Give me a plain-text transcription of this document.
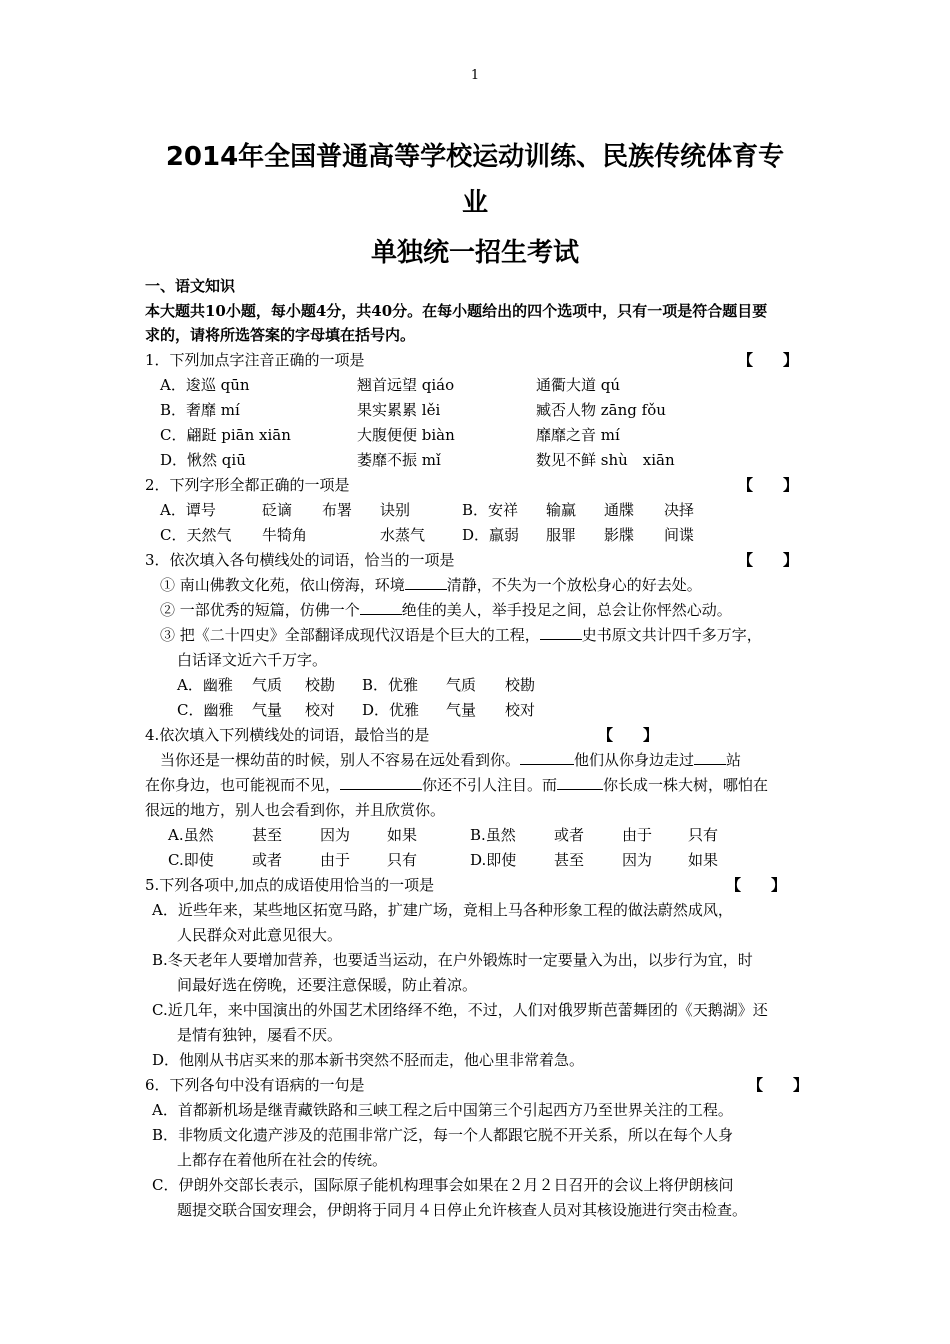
1
2014年全国普通高等学校运动训练、民族传统体育专
业
单独统一招生考试
一、语文知识
本大题共10小题，每小题4分，共40分。在每小题给出的四个选项中，只有一项是符合题目要
求的，请将所选答案的字母填在括号内。
1．下列加点字注音正确的一项是	【　　】
A．逡巡 qūn	翘首远望 qiáo	通衢大道 qú
B．奢靡 mí	果实累累 lěi	臧否人物 zāng fǒu
C．翩跹 piān xiān	大腹便便 biàn	靡靡之音 mí
D．愀然 qiū	萎靡不振 mǐ	数见不鲜 shù　xiān
2．下列字形全都正确的一项是	【　　】
A．谭号	砭谪 布署 诀别	B．安祥 输赢 通牒 决择
C．天然气 牛犄角	水蒸气 D．羸弱 服罪 影牒 间谍
3．依次填入各句横线处的词语，恰当的一项是	【　　】
① 南山佛教文化苑，依山傍海，环境	清静，不失为一个放松身心的好去处。
② 一部优秀的短篇，仿佛一个	绝佳的美人，举手投足之间，总会让你怦然心动。
③ 把《二十四史》全部翻译成现代汉语是个巨大的工程，	史书原文共计四千多万字，
白话译文近六千万字。
A．幽雅 气质 校勘 B．优雅 气质 校勘
C．幽雅 气量 校对 D．优雅 气量 校对
4.依次填入下列横线处的词语，最恰当的是	【　　】
当你还是一棵幼苗的时候，别人不容易在远处看到你。	他们从你身边走过 站
在你身边，也可能视而不见，	你还不引人注目。而	你长成一株大树，哪怕在
很远的地方，别人也会看到你，并且欣赏你。
A.虽然	甚至	因为 如果	B.虽然	或者	由于 只有
C.即使	或者	由于 只有	D.即使	甚至	因为 如果
5.下列各项中,加点的成语使用恰当的一项是	【　　】
A．近些年来，某些地区拓宽马路，扩建广场，竟相上马各种形象工程的做法蔚然成风，
人民群众对此意见很大。
B.冬天老年人要增加营养，也要适当运动，在户外锻炼时一定要量入为出，以步行为宜，时
间最好选在傍晚，还要注意保暖，防止着凉。
C.近几年，来中国演出的外国艺术团络绎不绝，不过，人们对俄罗斯芭蕾舞团的《天鹅湖》还
是情有独钟，屡看不厌。
D．他刚从书店买来的那本新书突然不胫而走，他心里非常着急。
6．下列各句中没有语病的一句是	【　　】
A．首都新机场是继青藏铁路和三峡工程之后中国第三个引起西方乃至世界关注的工程。
B．非物质文化遗产涉及的范围非常广泛，每一个人都跟它脱不开关系，所以在每个人身
上都存在着他所在社会的传统。
C．伊朗外交部长表示，国际原子能机构理事会如果在２月２日召开的会议上将伊朗核问
题提交联合国安理会，伊朗将于同月４日停止允许核查人员对其核设施进行突击检查。
